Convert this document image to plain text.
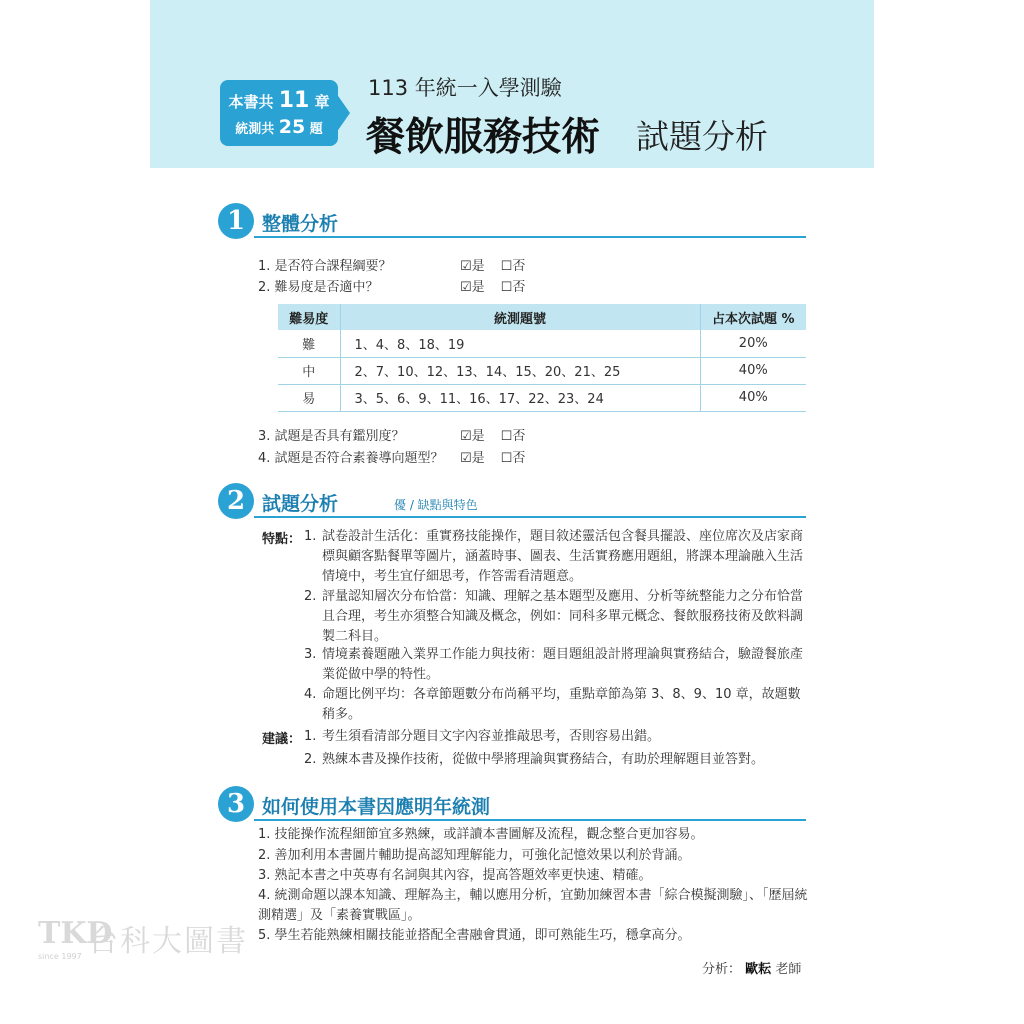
本書共 11 章
統測共 25 題
113 年統一入學測驗
餐飲服務技術 試題分析
1 整體分析
1. 是否符合課程綱要？	☑是 ☐否
2. 難易度是否適中？	☑是 ☐否
難易度	統測題號	占本次試題 %
難	1、4、8、18、19	20%
中	2、7、10、12、13、14、15、20、21、25	40%
易	3、5、6、9、11、16、17、22、23、24	40%
3. 試題是否具有鑑別度？	☑是 ☐否
4. 試題是否符合素養導向題型？ ☑是 ☐否
2 試題分析	優 / 缺點與特色
特點： 1. 試卷設計生活化：重實務技能操作，題目敘述靈活包含餐具擺設、座位席次及店家商標與顧客點餐單等圖片，涵蓋時事、圖表、生活實務應用題組，將課本理論融入生活情境中，考生宜仔細思考，作答需看清題意。
2. 評量認知層次分布恰當：知識、理解之基本題型及應用、分析等統整能力之分布恰當且合理，考生亦須整合知識及概念，例如：同科多單元概念、餐飲服務技術及飲料調製二科目。
3. 情境素養題融入業界工作能力與技術：題目題組設計將理論與實務結合，驗證餐旅產業從做中學的特性。
4. 命題比例平均：各章節題數分布尚稱平均，重點章節為第 3、8、9、10 章，故題數稍多。
建議： 1. 考生須看清部分題目文字內容並推敲思考，否則容易出錯。
2. 熟練本書及操作技術，從做中學將理論與實務結合，有助於理解題目並答對。
3 如何使用本書因應明年統測
1. 技能操作流程細節宜多熟練，或詳讀本書圖解及流程，觀念整合更加容易。
2. 善加利用本書圖片輔助提高認知理解能力，可強化記憶效果以利於背誦。
3. 熟記本書之中英專有名詞與其內容，提高答題效率更快速、精確。
4. 統測命題以課本知識、理解為主，輔以應用分析，宜勤加練習本書「綜合模擬測驗」、「歷屆統測精選」及「素養實戰區」。
5. 學生若能熟練相關技能並搭配全書融會貫通，即可熟能生巧，穩拿高分。
分析： 歐耘 老師
TKD
台科大圖書
since 1997
